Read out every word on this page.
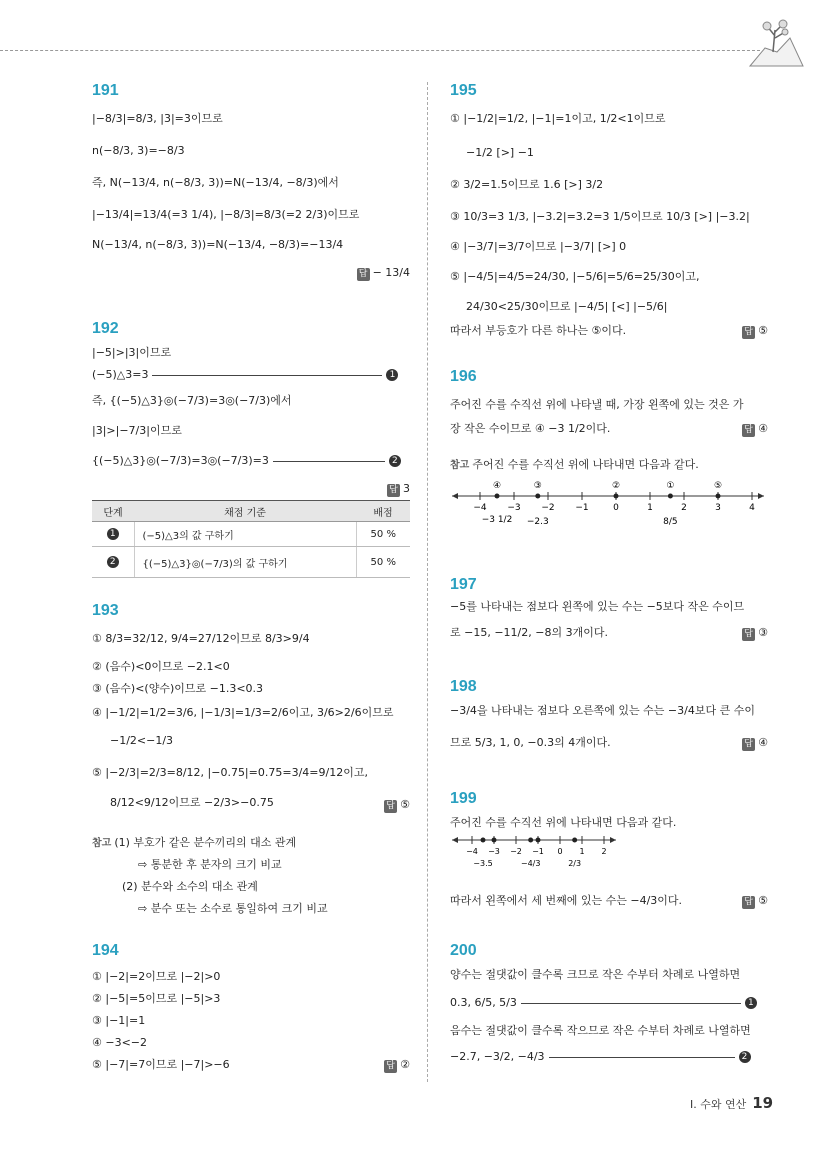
191
|−8/3|=8/3, |3|=3이므로
n(−8/3, 3)=−8/3
즉, N(−13/4, n(−8/3, 3))=N(−13/4, −8/3)에서
|−13/4|=13/4(=3 1/4), |−8/3|=8/3(=2 2/3)이므로
N(−13/4, n(−8/3, 3))=N(−13/4, −8/3)=−13/4
답 − 13/4
192
|−5|>|3|이므로
(−5)△3=3	1
즉, {(−5)△3}◎(−7/3)=3◎(−7/3)에서
|3|>|−7/3|이므로
{(−5)△3}◎(−7/3)=3◎(−7/3)=3	2
답 3
단계	채점 기준	배점
1	(−5)△3의 값 구하기	50 %
2	{(−5)△3}◎(−7/3)의 값 구하기	50 %
193
① 8/3=32/12, 9/4=27/12이므로 8/3>9/4
② (음수)<0이므로 −2.1<0
③ (음수)<(양수)이므로 −1.3<0.3
④ |−1/2|=1/2=3/6, |−1/3|=1/3=2/6이고, 3/6>2/6이므로
−1/2<−1/3
⑤ |−2/3|=2/3=8/12, |−0.75|=0.75=3/4=9/12이고,
8/12<9/12이므로 −2/3>−0.75	답 ⑤
참고 (1) 부호가 같은 분수끼리의 대소 관계
⇨ 통분한 후 분자의 크기 비교
(2) 분수와 소수의 대소 관계
⇨ 분수 또는 소수로 통일하여 크기 비교
194
① |−2|=2이므로 |−2|>0
② |−5|=5이므로 |−5|>3
③ |−1|=1
④ −3<−2
⑤ |−7|=7이므로 |−7|>−6	답 ②
195
① |−1/2|=1/2, |−1|=1이고, 1/2<1이므로
−1/2 [>] −1
② 3/2=1.5이므로 1.6 [>] 3/2
③ 10/3=3 1/3, |−3.2|=3.2=3 1/5이므로 10/3 [>] |−3.2|
④ |−3/7|=3/7이므로 |−3/7| [>] 0
⑤ |−4/5|=4/5=24/30, |−5/6|=5/6=25/30이고,
24/30<25/30이므로 |−4/5| [<] |−5/6|
따라서 부등호가 다른 하나는 ⑤이다.	답 ⑤
196
주어진 수를 수직선 위에 나타낼 때, 가장 왼쪽에 있는 것은 가
장 작은 수이므로 ④ −3 1/2이다.	답 ④
참고 주어진 수를 수직선 위에 나타내면 다음과 같다.
−4 −3 −2 −1	0	1	2	3	4
④
−3 1/2
③
−2.3
②	①
8/5
⑤
197
−5를 나타내는 점보다 왼쪽에 있는 수는 −5보다 작은 수이므
로 −15, −11/2, −8의 3개이다.	답 ③
198
−3/4을 나타내는 점보다 오른쪽에 있는 수는 −3/4보다 큰 수이
므로 5/3, 1, 0, −0.3의 4개이다.	답 ④
199
주어진 수를 수직선 위에 나타내면 다음과 같다.
−4 −3 −2 −1 0 1 2
−3.5	−4/3	2/3
따라서 왼쪽에서 세 번째에 있는 수는 −4/3이다.	답 ⑤
200
양수는 절댓값이 클수록 크므로 작은 수부터 차례로 나열하면
0.3, 6/5, 5/3	1
음수는 절댓값이 클수록 작으므로 작은 수부터 차례로 나열하면
−2.7, −3/2, −4/3	2
I. 수와 연산 19
